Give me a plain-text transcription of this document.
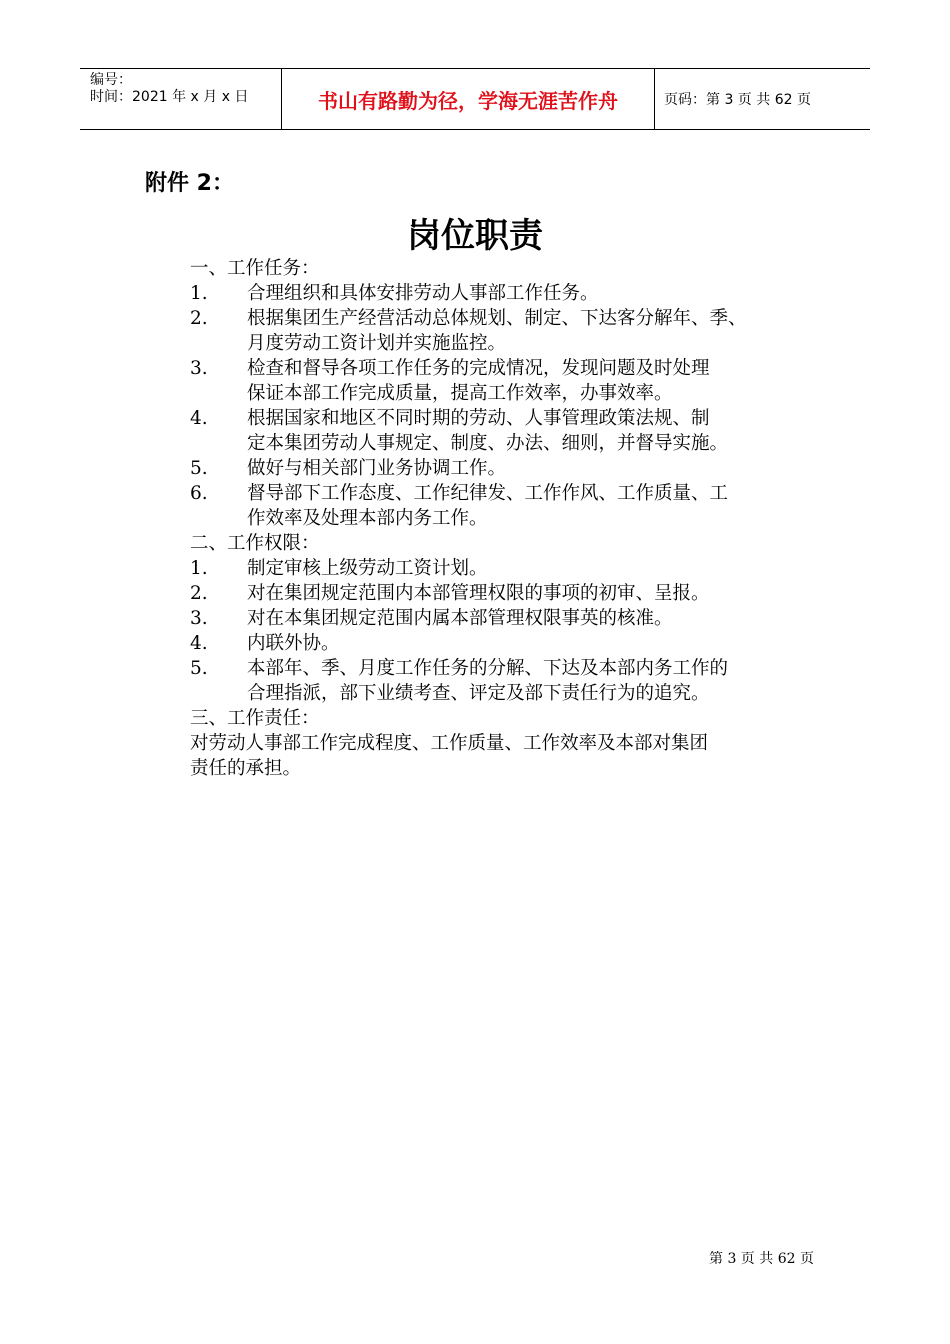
编号：
时间：2021 年 x 月 x 日	书山有路勤为径，学海无涯苦作舟	页码：第 3 页 共 62 页
附件 2：
岗位职责
一、工作任务：
1.	合理组织和具体安排劳动人事部工作任务。
2.	根据集团生产经营活动总体规划、制定、下达客分解年、季、
月度劳动工资计划并实施监控。
3.	检查和督导各项工作任务的完成情况，发现问题及时处理
保证本部工作完成质量，提高工作效率，办事效率。
4.	根据国家和地区不同时期的劳动、人事管理政策法规、制
定本集团劳动人事规定、制度、办法、细则，并督导实施。
5.	做好与相关部门业务协调工作。
6.	督导部下工作态度、工作纪律发、工作作风、工作质量、工
作效率及处理本部内务工作。
二、工作权限：
1.	制定审核上级劳动工资计划。
2.	对在集团规定范围内本部管理权限的事项的初审、呈报。
3.	对在本集团规定范围内属本部管理权限事英的核准。
4.	内联外协。
5.	本部年、季、月度工作任务的分解、下达及本部内务工作的
合理指派，部下业绩考查、评定及部下责任行为的追究。
三、工作责任：
对劳动人事部工作完成程度、工作质量、工作效率及本部对集团
责任的承担。
第 3 页 共 62 页
